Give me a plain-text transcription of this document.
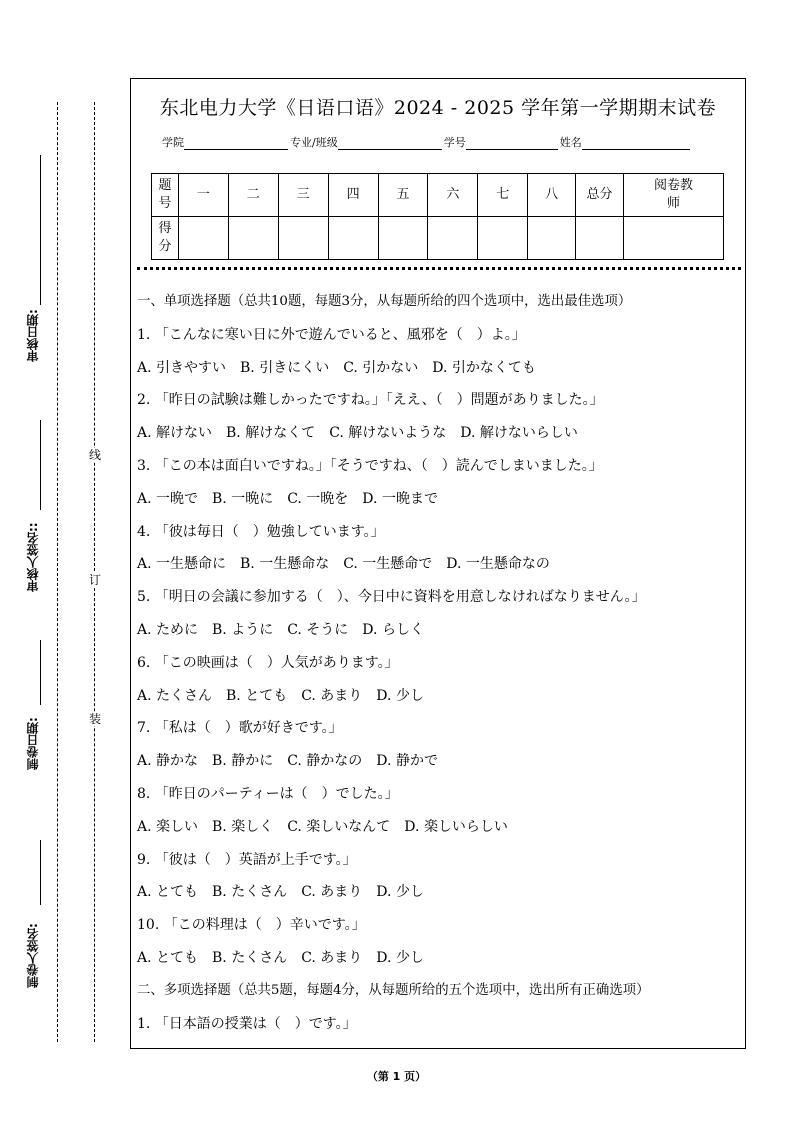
审核日期:
审核人签名::
制卷日期:
制卷人签名:
线
订
装
东北电力大学《日语口语》2024 - 2025 学年第一学期期末试卷
学院	专业/班级	学号	姓名
题号	一	二	三	四	五	六	七	八	总分	阅卷教师
得分										
一、单项选择题（总共10题，每题3分，从每题所给的四个选项中，选出最佳选项）
1. 「こんなに寒い日に外で遊んでいると、風邪を（　）よ。」
A. 引きやすい　B. 引きにくい　C. 引かない　D. 引かなくても
2. 「昨日の試験は難しかったですね。」「ええ、（　）問題がありました。」
A. 解けない　B. 解けなくて　C. 解けないような　D. 解けないらしい
3. 「この本は面白いですね。」「そうですね、（　）読んでしまいました。」
A. 一晩で　B. 一晩に　C. 一晩を　D. 一晩まで
4. 「彼は毎日（　）勉強しています。」
A. 一生懸命に　B. 一生懸命な　C. 一生懸命で　D. 一生懸命なの
5. 「明日の会議に参加する（　）、今日中に資料を用意しなければなりません。」
A. ために　B. ように　C. そうに　D. らしく
6. 「この映画は（　）人気があります。」
A. たくさん　B. とても　C. あまり　D. 少し
7. 「私は（　）歌が好きです。」
A. 静かな　B. 静かに　C. 静かなの　D. 静かで
8. 「昨日のパーティーは（　）でした。」
A. 楽しい　B. 楽しく　C. 楽しいなんて　D. 楽しいらしい
9. 「彼は（　）英語が上手です。」
A. とても　B. たくさん　C. あまり　D. 少し
10. 「この料理は（　）辛いです。」
A. とても　B. たくさん　C. あまり　D. 少し
二、多项选择题（总共5题，每题4分，从每题所给的五个选项中，选出所有正确选项）
1. 「日本語の授業は（　）です。」
（第 1 页）
